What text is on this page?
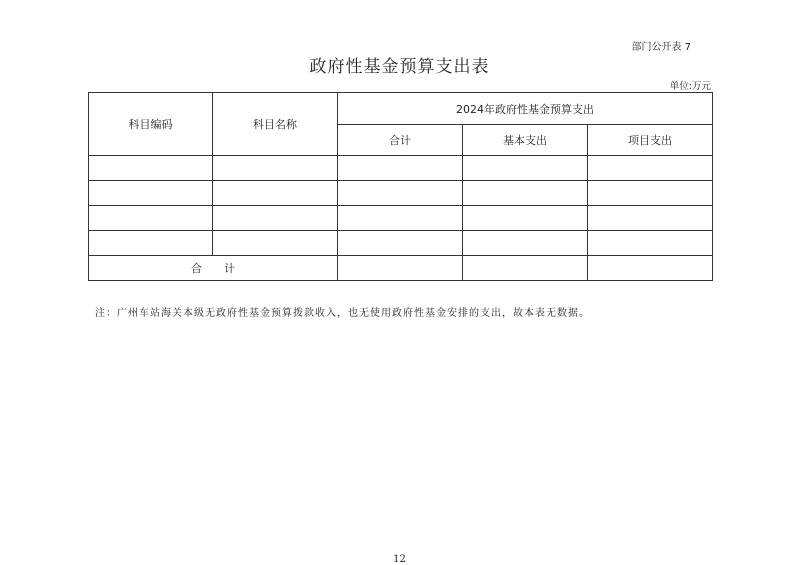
部门公开表 7
政府性基金预算支出表
单位:万元
科目编码	科目名称	2024年政府性基金预算支出		
		合计	基本支出	项目支出

合　　计				
注：广州车站海关本级无政府性基金预算拨款收入，也无使用政府性基金安排的支出，故本表无数据。
12
